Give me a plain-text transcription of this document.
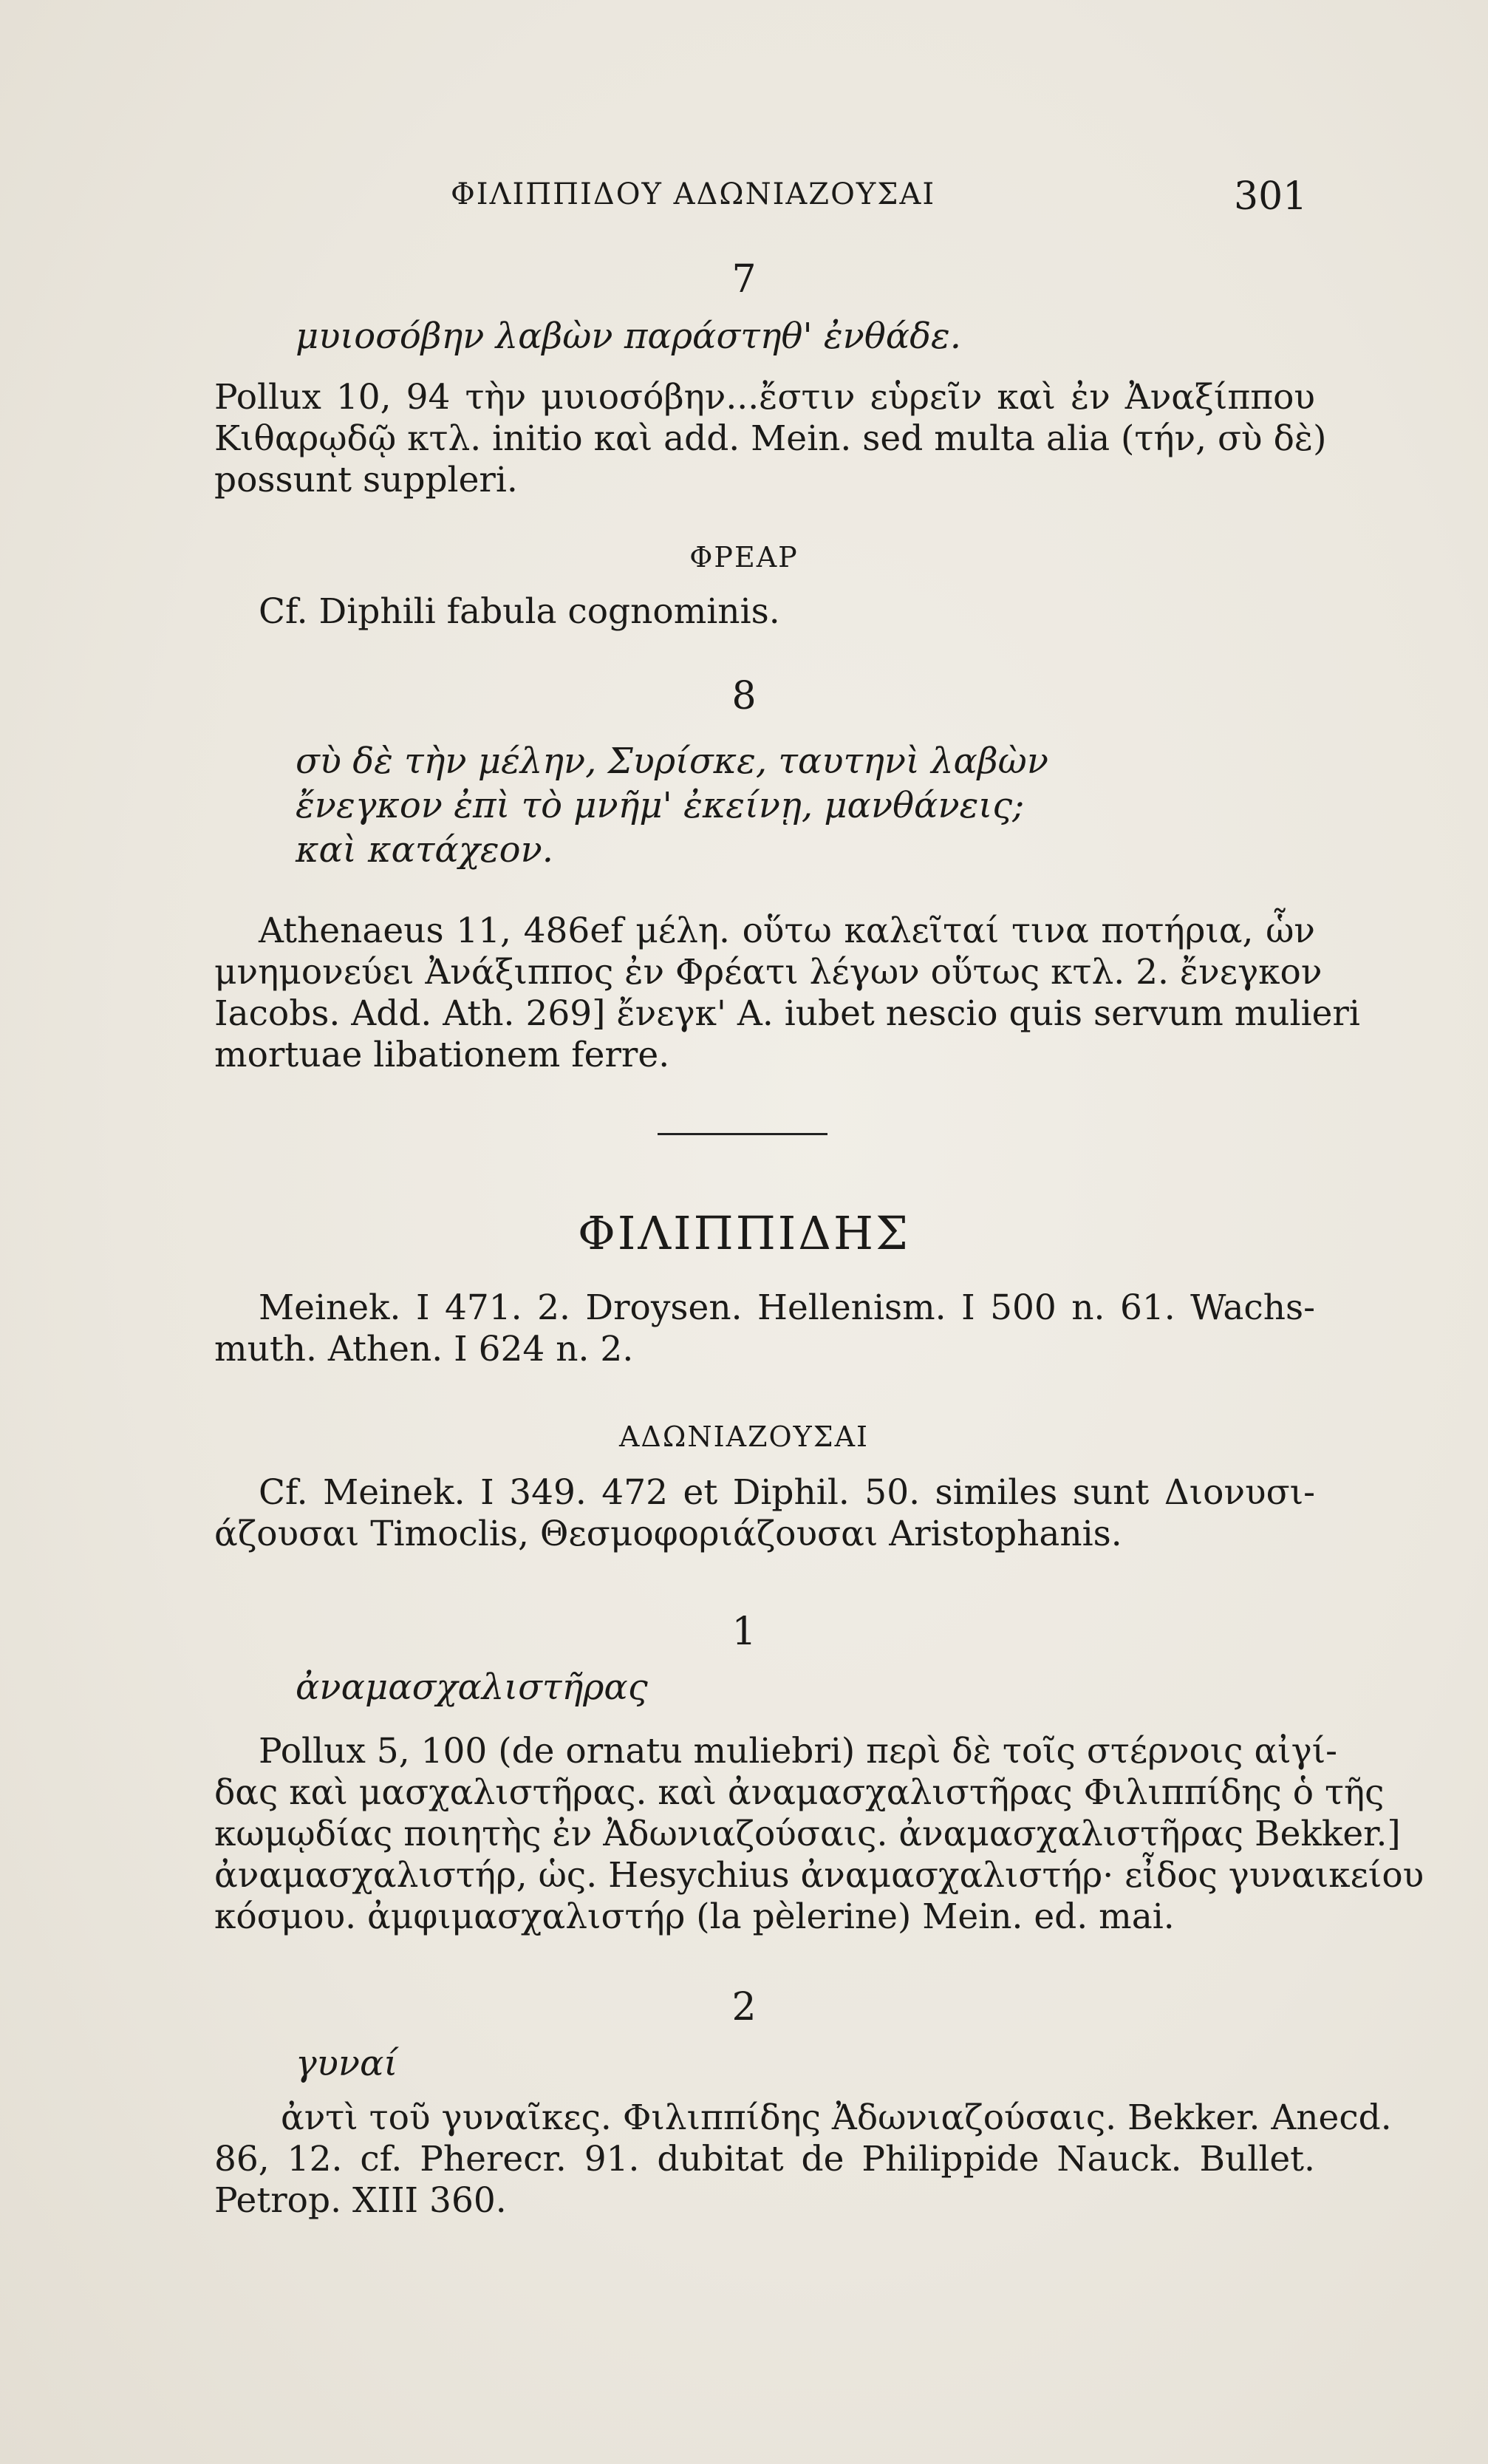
ΦΙΛΙΠΠΙΔΟΥ ΑΔΩΝΙΑΖΟΥΣΑΙ	301
7
μυιοσόβην λαβὼν παράστηθ' ἐνθάδε.
Pollux 10, 94 τὴν μυιοσόβην...ἔστιν εὑρεῖν καὶ ἐν Ἀναξίππου
Κιθαρῳδῷ κτλ. initio καὶ add. Mein. sed multa alia (τήν, σὺ δὲ)
possunt suppleri.
ΦΡΕΑΡ
Cf. Diphili fabula cognominis.
8
σὺ δὲ τὴν μέλην, Συρίσκε, ταυτηνὶ λαβὼν
ἔνεγκον ἐπὶ τὸ μνῆμ' ἐκείνῃ, μανθάνεις;
καὶ κατάχεον.
Athenaeus 11, 486ef μέλη. οὕτω καλεῖταί τινα ποτήρια, ὧν
μνημονεύει Ἀνάξιππος ἐν Φρέατι λέγων οὕτως κτλ. 2. ἔνεγκον
Iacobs. Add. Ath. 269] ἔνεγκ' A. iubet nescio quis servum mulieri
mortuae libationem ferre.
ΦΙΛΙΠΠΙΔΗΣ
Meinek. I 471. 2. Droysen. Hellenism. I 500 n. 61. Wachs-
muth. Athen. I 624 n. 2.
ΑΔΩΝΙΑΖΟΥΣΑΙ
Cf. Meinek. I 349. 472 et Diphil. 50. similes sunt Διονυσι-
άζουσαι Timoclis, Θεσμοφοριάζουσαι Aristophanis.
1
ἀναμασχαλιστῆρας
Pollux 5, 100 (de ornatu muliebri) περὶ δὲ τοῖς στέρνοις αἰγί-
δας καὶ μασχαλιστῆρας. καὶ ἀναμασχαλιστῆρας Φιλιππίδης ὁ τῆς
κωμῳδίας ποιητὴς ἐν Ἀδωνιαζούσαις. ἀναμασχαλιστῆρας Bekker.]
ἀναμασχαλιστήρ, ὡς. Hesychius ἀναμασχαλιστήρ· εἶδος γυναικείου
κόσμου. ἀμφιμασχαλιστήρ (la pèlerine) Mein. ed. mai.
2
γυναί
ἀντὶ τοῦ γυναῖκες. Φιλιππίδης Ἀδωνιαζούσαις. Bekker. Anecd.
86, 12. cf. Pherecr. 91. dubitat de Philippide Nauck. Bullet.
Petrop. XIII 360.
